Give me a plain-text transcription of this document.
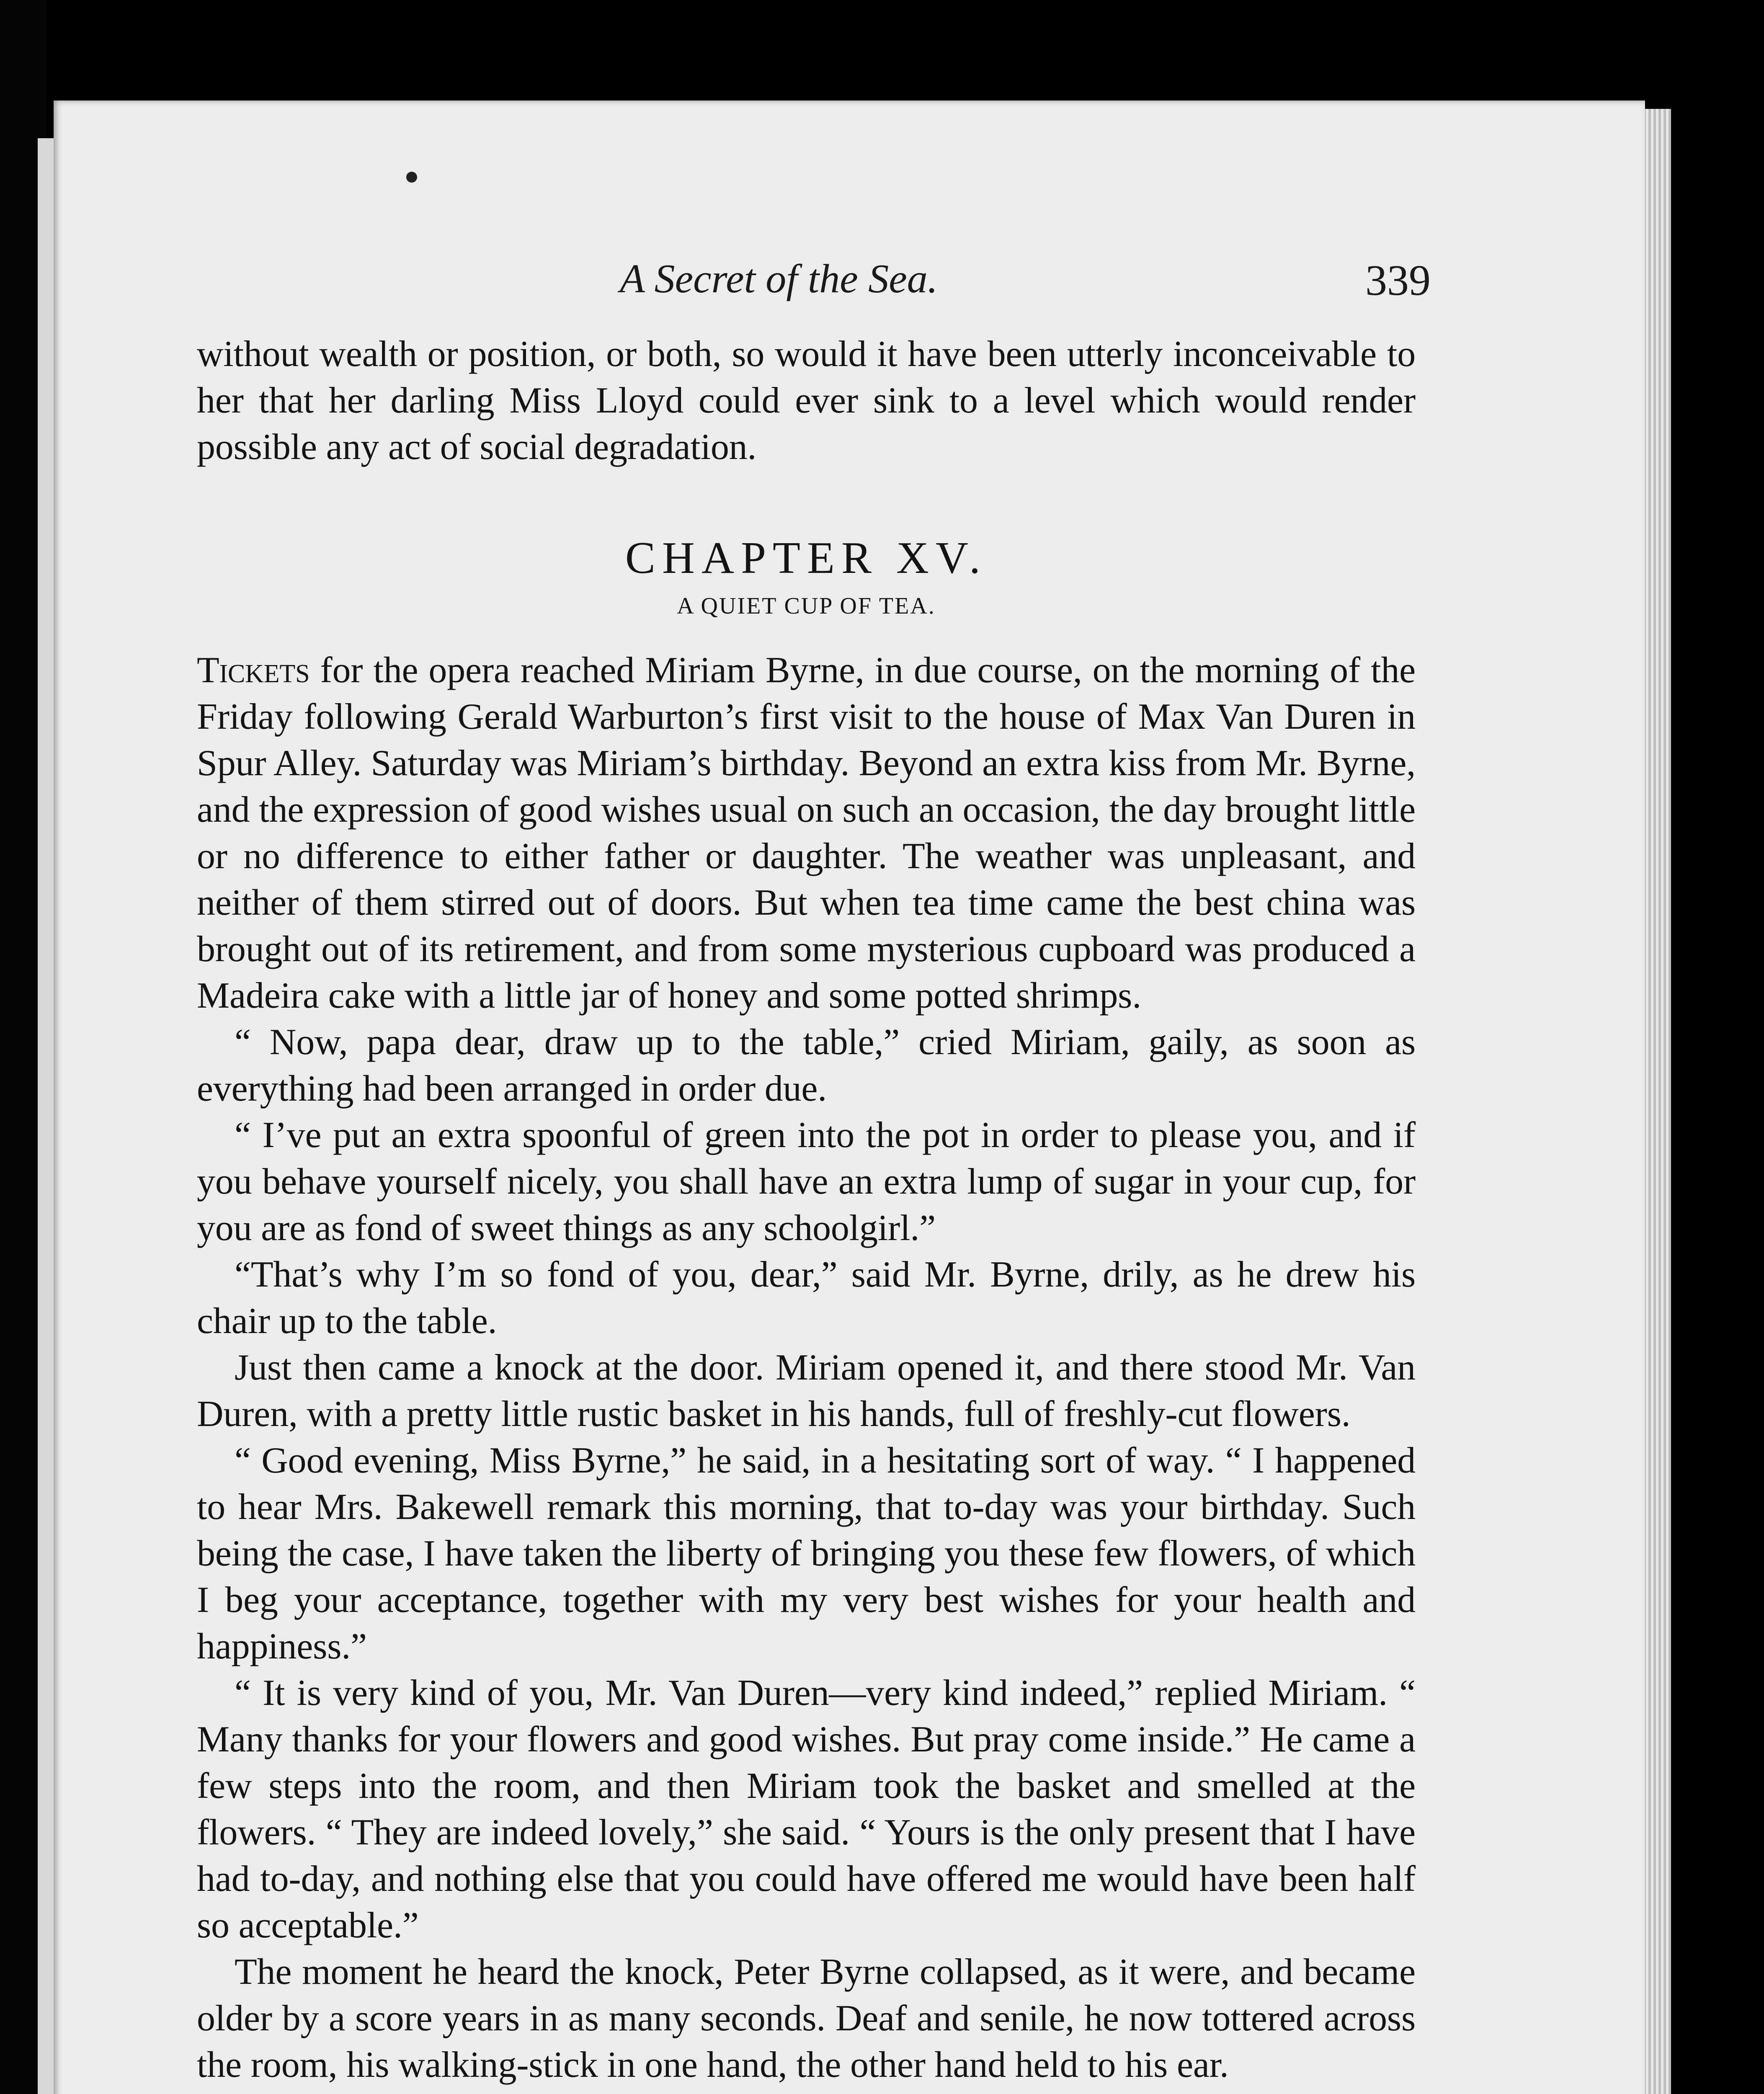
A Secret of the Sea.	339

without wealth or position, or both, so would it have been utterly inconceivable to her that her darling Miss Lloyd could ever sink to a level which would render possible any act of social degradation.

CHAPTER XV.
A QUIET CUP OF TEA.

Tickets for the opera reached Miriam Byrne, in due course, on the morning of the Friday following Gerald Warburton’s first visit to the house of Max Van Duren in Spur Alley. Saturday was Miriam’s birthday. Beyond an extra kiss from Mr. Byrne, and the expression of good wishes usual on such an occasion, the day brought little or no difference to either father or daughter. The weather was unpleasant, and neither of them stirred out of doors. But when tea time came the best china was brought out of its retirement, and from some mysterious cupboard was produced a Madeira cake with a little jar of honey and some potted shrimps.

“ Now, papa dear, draw up to the table,” cried Miriam, gaily, as soon as everything had been arranged in order due.

“ I’ve put an extra spoonful of green into the pot in order to please you, and if you behave yourself nicely, you shall have an extra lump of sugar in your cup, for you are as fond of sweet things as any schoolgirl.”

“That’s why I’m so fond of you, dear,” said Mr. Byrne, drily, as he drew his chair up to the table.

Just then came a knock at the door. Miriam opened it, and there stood Mr. Van Duren, with a pretty little rustic basket in his hands, full of freshly-cut flowers.

“ Good evening, Miss Byrne,” he said, in a hesitating sort of way. “ I happened to hear Mrs. Bakewell remark this morning, that to-day was your birthday. Such being the case, I have taken the liberty of bringing you these few flowers, of which I beg your acceptance, together with my very best wishes for your health and happiness.”

“ It is very kind of you, Mr. Van Duren—very kind indeed,” replied Miriam. “ Many thanks for your flowers and good wishes. But pray come inside.” He came a few steps into the room, and then Miriam took the basket and smelled at the flowers. “ They are indeed lovely,” she said. “ Yours is the only present that I have had to-day, and nothing else that you could have offered me would have been half so acceptable.”

The moment he heard the knock, Peter Byrne collapsed, as it were, and became older by a score years in as many seconds. Deaf and senile, he now tottered across the room, his walking-stick in one hand, the other hand held to his ear.
